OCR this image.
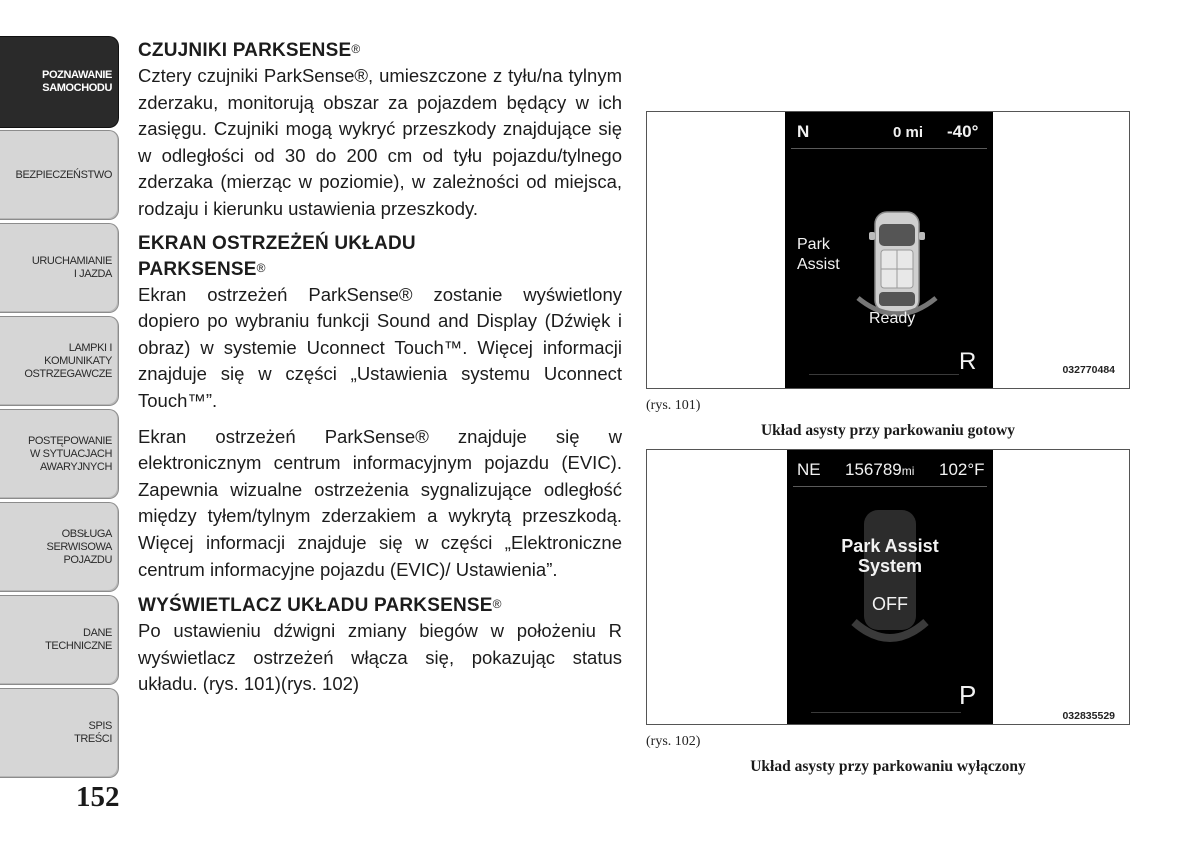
POZNAWANIE
SAMOCHODU
BEZPIECZEŃSTWO
URUCHAMIANIE
I JAZDA
LAMPKI I
KOMUNIKATY
OSTRZEGAWCZE
POSTĘPOWANIE
W SYTUACJACH
AWARYJNYCH
OBSŁUGA
SERWISOWA
POJAZDU
DANE
TECHNICZNE
SPIS
TREŚCI
152
CZUJNIKI PARKSENSE®

Cztery czujniki ParkSense®, umieszczone z tyłu/na tylnym zderzaku, monitorują obszar za pojazdem będący w ich zasięgu. Czujniki mogą wykryć przeszkody znajdujące się w odległości od 30 do 200 cm od tyłu pojazdu/tylnego zderzaka (mierząc w poziomie), w zależności od miejsca, rodzaju i kierunku ustawienia przeszkody.

EKRAN OSTRZEŻEŃ UKŁADU
PARKSENSE®

Ekran ostrzeżeń ParkSense® zostanie wyświetlony dopiero po wybraniu funkcji Sound and Display (Dźwięk i obraz) w systemie Uconnect Touch™. Więcej informacji znajduje się w części „Ustawienia systemu Uconnect Touch™”.

Ekran ostrzeżeń ParkSense® znajduje się w elektronicznym centrum informacyjnym pojazdu (EVIC). Zapewnia wizualne ostrzeżenia sygnalizujące odległość między tyłem/tylnym zderzakiem a wykrytą przeszkodą. Więcej informacji znajduje się w części „Elektroniczne centrum informacyjne pojazdu (EVIC)/ Ustawienia”.

WYŚWIETLACZ UKŁADU PARKSENSE®

Po ustawieniu dźwigni zmiany biegów w położeniu R wyświetlacz ostrzeżeń włącza się, pokazując status układu. (rys. 101)(rys. 102)

N	0 mi -40°
Park
Assist
Ready
R	032770484
(rys. 101)
Układ asysty przy parkowaniu gotowy
NE 156789mi 102°F
Park Assist
System
OFF
P
032835529
(rys. 102)
Układ asysty przy parkowaniu wyłączony
